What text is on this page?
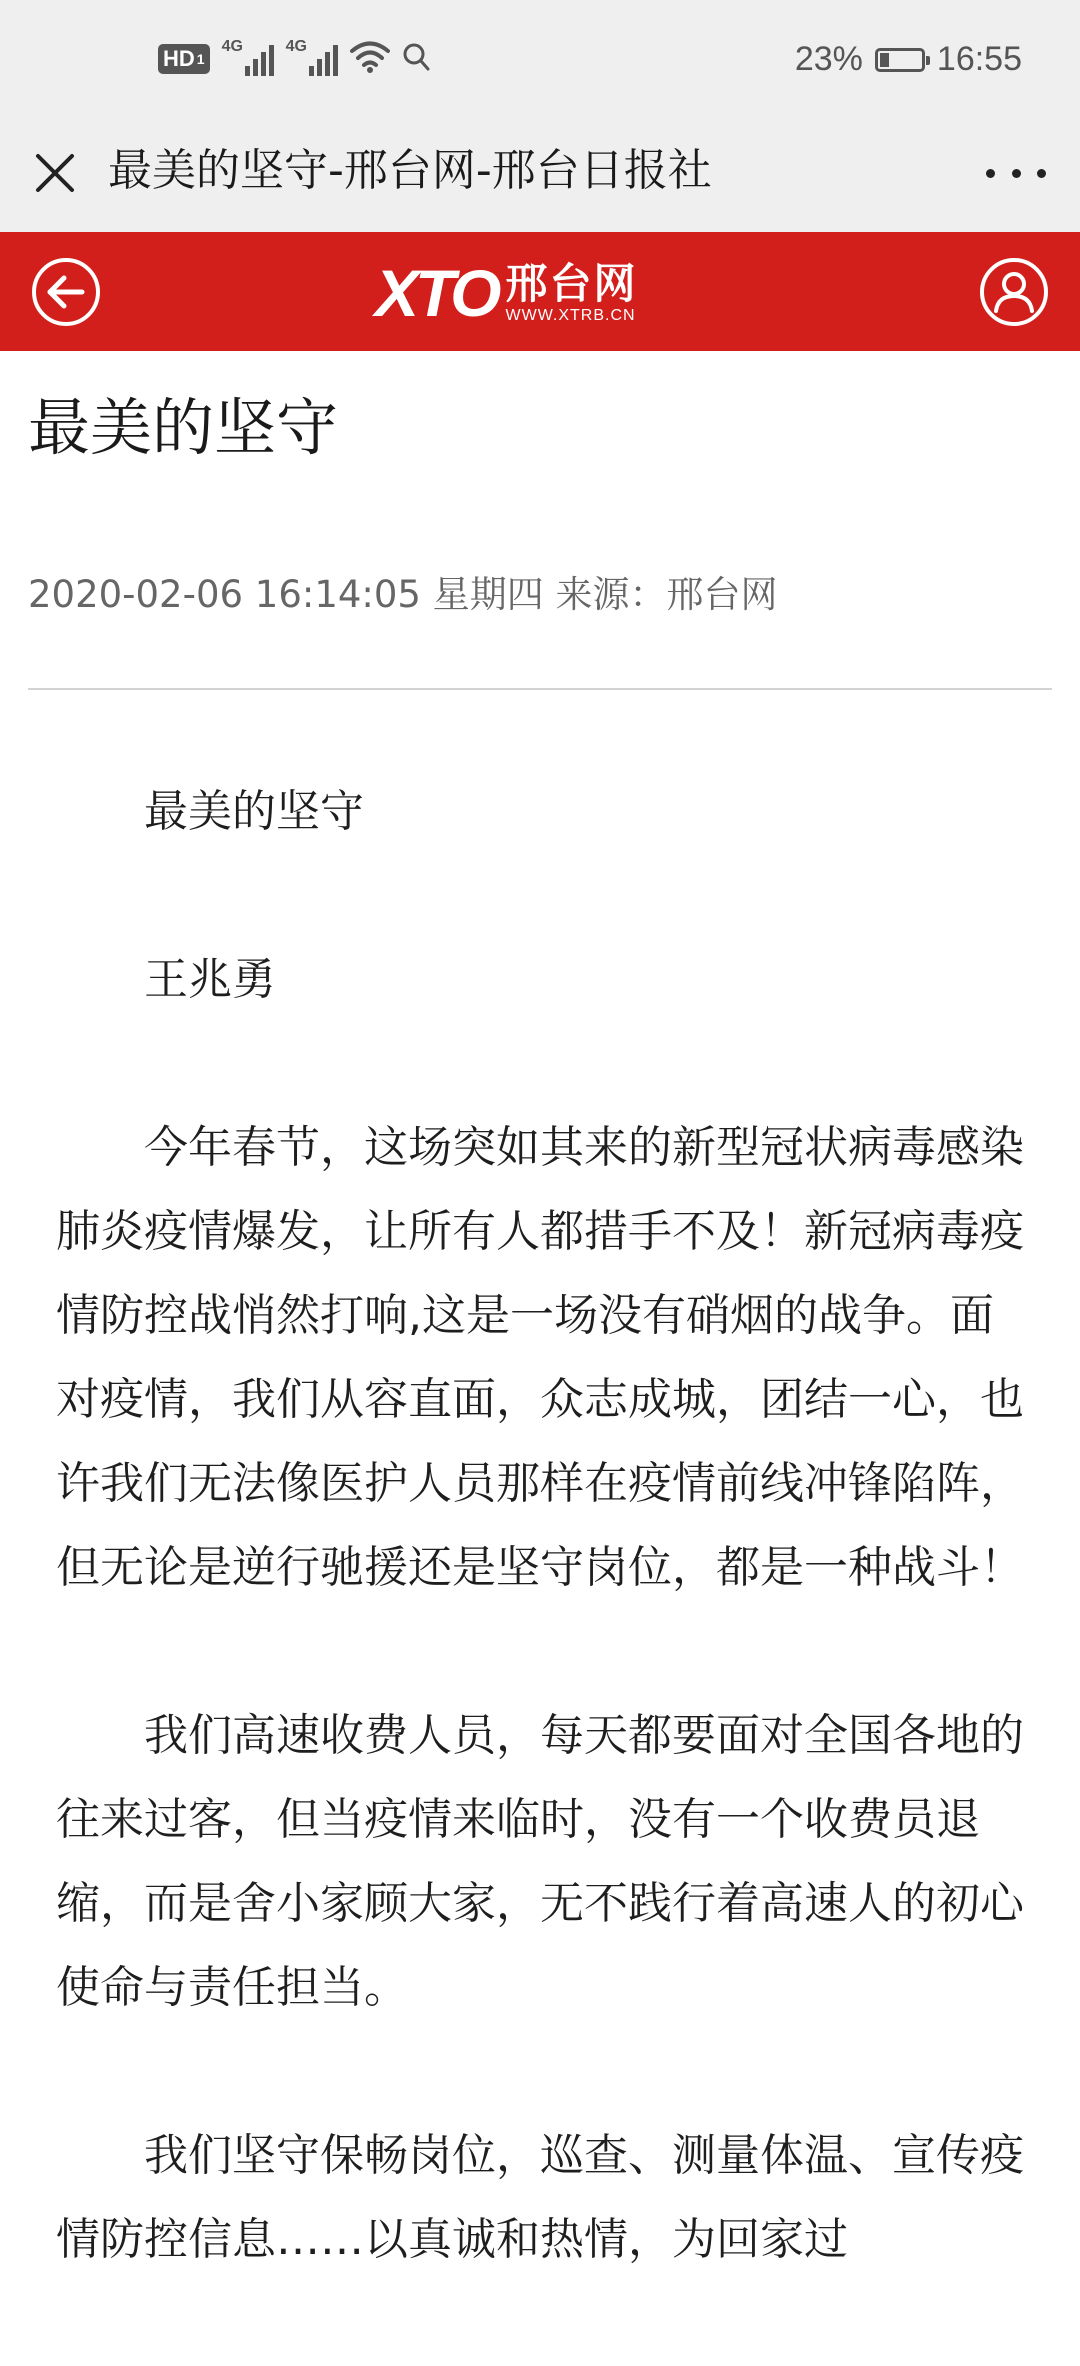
HD 1
4G	4G	23% 16:55
最美的坚守-邢台网-邢台日报社
XTO 邢台网
WWW.XTRB.CN
最美的坚守
2020-02-06 16:14:05 星期四 来源：邢台网

最美的坚守

王兆勇

今年春节，这场突如其来的新型冠状病毒感染肺炎疫情爆发，让所有人都措手不及！新冠病毒疫情防控战悄然打响,这是一场没有硝烟的战争。面对疫情，我们从容直面，众志成城，团结一心，也许我们无法像医护人员那样在疫情前线冲锋陷阵，但无论是逆行驰援还是坚守岗位，都是一种战斗！

我们高速收费人员，每天都要面对全国各地的往来过客，但当疫情来临时，没有一个收费员退缩，而是舍小家顾大家，无不践行着高速人的初心使命与责任担当。

我们坚守保畅岗位，巡查、测量体温、宣传疫情防控信息……以真诚和热情，为回家过
